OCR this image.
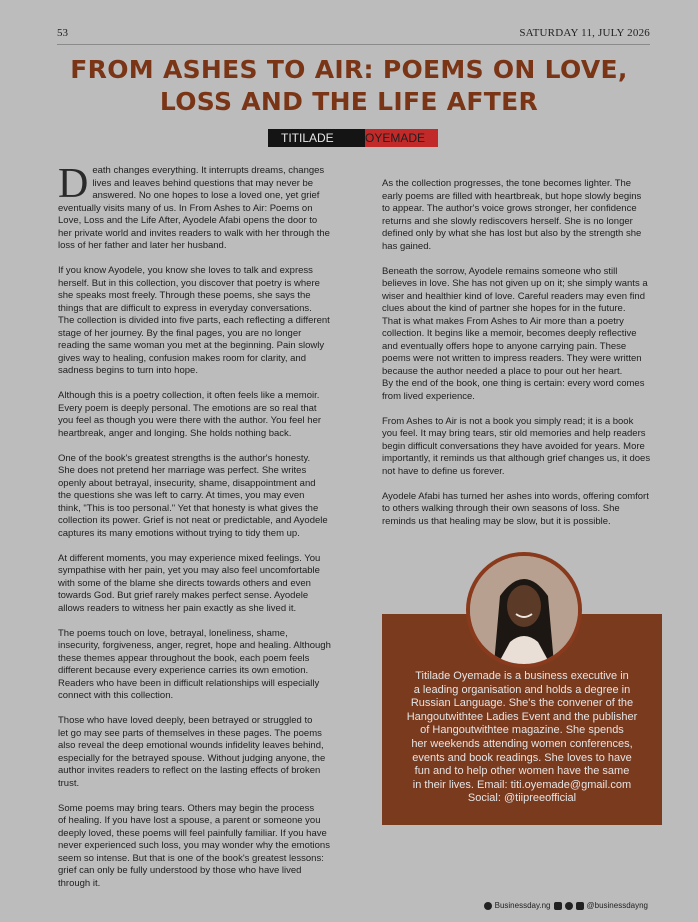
53	SATURDAY 11, JULY 2026
FROM ASHES TO AIR: POEMS ON LOVE,
LOSS AND THE LIFE AFTER
TITILADE	OYEMADE

Death changes everything. It interrupts dreams, changes
lives and leaves behind questions that may never be
answered. No one hopes to lose a loved one, yet grief
eventually visits many of us. In From Ashes to Air: Poems on
Love, Loss and the Life After, Ayodele Afabi opens the door to
her private world and invites readers to walk with her through the
loss of her father and later her husband.

If you know Ayodele, you know she loves to talk and express
herself. But in this collection, you discover that poetry is where
she speaks most freely. Through these poems, she says the
things that are difficult to express in everyday conversations.
The collection is divided into five parts, each reflecting a different
stage of her journey. By the final pages, you are no longer
reading the same woman you met at the beginning. Pain slowly
gives way to healing, confusion makes room for clarity, and
sadness begins to turn into hope.

Although this is a poetry collection, it often feels like a memoir.
Every poem is deeply personal. The emotions are so real that
you feel as though you were there with the author. You feel her
heartbreak, anger and longing. She holds nothing back.

One of the book's greatest strengths is the author's honesty.
She does not pretend her marriage was perfect. She writes
openly about betrayal, insecurity, shame, disappointment and
the questions she was left to carry. At times, you may even
think, "This is too personal." Yet that honesty is what gives the
collection its power. Grief is not neat or predictable, and Ayodele
captures its many emotions without trying to tidy them up.

At different moments, you may experience mixed feelings. You
sympathise with her pain, yet you may also feel uncomfortable
with some of the blame she directs towards others and even
towards God. But grief rarely makes perfect sense. Ayodele
allows readers to witness her pain exactly as she lived it.

The poems touch on love, betrayal, loneliness, shame,
insecurity, forgiveness, anger, regret, hope and healing. Although
these themes appear throughout the book, each poem feels
different because every experience carries its own emotion.
Readers who have been in difficult relationships will especially
connect with this collection.

Those who have loved deeply, been betrayed or struggled to
let go may see parts of themselves in these pages. The poems
also reveal the deep emotional wounds infidelity leaves behind,
especially for the betrayed spouse. Without judging anyone, the
author invites readers to reflect on the lasting effects of broken
trust.

Some poems may bring tears. Others may begin the process
of healing. If you have lost a spouse, a parent or someone you
deeply loved, these poems will feel painfully familiar. If you have
never experienced such loss, you may wonder why the emotions
seem so intense. But that is one of the book's greatest lessons:
grief can only be fully understood by those who have lived
through it.

As the collection progresses, the tone becomes lighter. The
early poems are filled with heartbreak, but hope slowly begins
to appear. The author's voice grows stronger, her confidence
returns and she slowly rediscovers herself. She is no longer
defined only by what she has lost but also by the strength she
has gained.

Beneath the sorrow, Ayodele remains someone who still
believes in love. She has not given up on it; she simply wants a
wiser and healthier kind of love. Careful readers may even find
clues about the kind of partner she hopes for in the future.
That is what makes From Ashes to Air more than a poetry
collection. It begins like a memoir, becomes deeply reflective
and eventually offers hope to anyone carrying pain. These
poems were not written to impress readers. They were written
because the author needed a place to pour out her heart.
By the end of the book, one thing is certain: every word comes
from lived experience.

From Ashes to Air is not a book you simply read; it is a book
you feel. It may bring tears, stir old memories and help readers
begin difficult conversations they have avoided for years. More
importantly, it reminds us that although grief changes us, it does
not have to define us forever.

Ayodele Afabi has turned her ashes into words, offering comfort
to others walking through their own seasons of loss. She
reminds us that healing may be slow, but it is possible.

Titilade Oyemade is a business executive in
a leading organisation and holds a degree in
Russian Language. She's the convener of the
Hangoutwithtee Ladies Event and the publisher
of Hangoutwithtee magazine. She spends
her weekends attending women conferences,
events and book readings. She loves to have
fun and to help other women have the same
in their lives. Email: titi.oyemade@gmail.com
Social: @tiipreeofficial
Businessday.ng	@businessdayng
